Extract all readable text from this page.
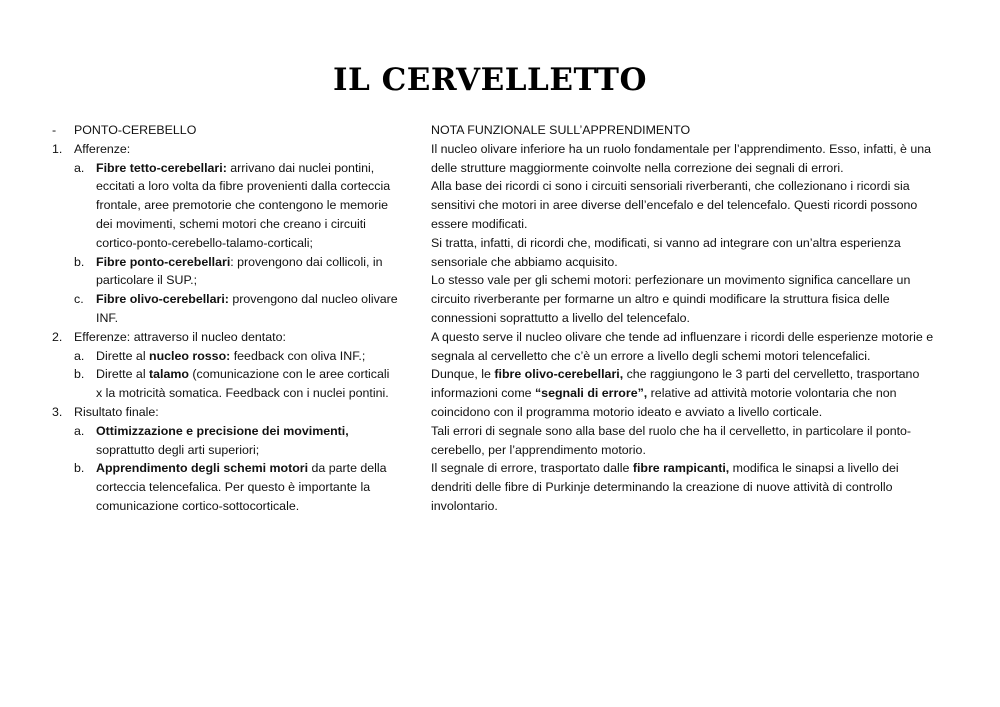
IL CERVELLETTO
-	PONTO-CEREBELLO
1. Afferenze:
a. Fibre tetto-cerebellari: arrivano dai nuclei pontini, eccitati a loro volta da fibre provenienti dalla corteccia frontale, aree premotorie che contengono le memorie dei movimenti, schemi motori che creano i circuiti cortico-ponto-cerebello-talamo-corticali;
b. Fibre ponto-cerebellari: provengono dai collicoli, in particolare il SUP.;
c. Fibre olivo-cerebellari: provengono dal nucleo olivare INF.
2. Efferenze: attraverso il nucleo dentato:
a. Dirette al nucleo rosso: feedback con oliva INF.;
b. Dirette al talamo (comunicazione con le aree corticali x la motricità somatica. Feedback con i nuclei pontini.
3. Risultato finale:
a. Ottimizzazione e precisione dei movimenti, soprattutto degli arti superiori;
b. Apprendimento degli schemi motori da parte della corteccia telencefalica. Per questo è importante la comunicazione cortico-sottocorticale.

NOTA FUNZIONALE SULL’APPRENDIMENTO

Il nucleo olivare inferiore ha un ruolo fondamentale per l’apprendimento. Esso, infatti, è una delle strutture maggiormente coinvolte nella correzione dei segnali di errori.

Alla base dei ricordi ci sono i circuiti sensoriali riverberanti, che collezionano i ricordi sia sensitivi che motori in aree diverse dell’encefalo e del telencefalo. Questi ricordi possono essere modificati.

Si tratta, infatti, di ricordi che, modificati, si vanno ad integrare con un’altra esperienza sensoriale che abbiamo acquisito.

Lo stesso vale per gli schemi motori: perfezionare un movimento significa cancellare un circuito riverberante per formarne un altro e quindi modificare la struttura fisica delle connessioni soprattutto a livello del telencefalo.

A questo serve il nucleo olivare che tende ad influenzare i ricordi delle esperienze motorie e segnala al cervelletto che c’è un errore a livello degli schemi motori telencefalici.

Dunque, le fibre olivo-cerebellari, che raggiungono le 3 parti del cervelletto, trasportano informazioni come “segnali di errore”, relative ad attività motorie volontaria che non coincidono con il programma motorio ideato e avviato a livello corticale.

Tali errori di segnale sono alla base del ruolo che ha il cervelletto, in particolare il ponto-cerebello, per l’apprendimento motorio.

Il segnale di errore, trasportato dalle fibre rampicanti, modifica le sinapsi a livello dei dendriti delle fibre di Purkinje determinando la creazione di nuove attività di controllo involontario.
